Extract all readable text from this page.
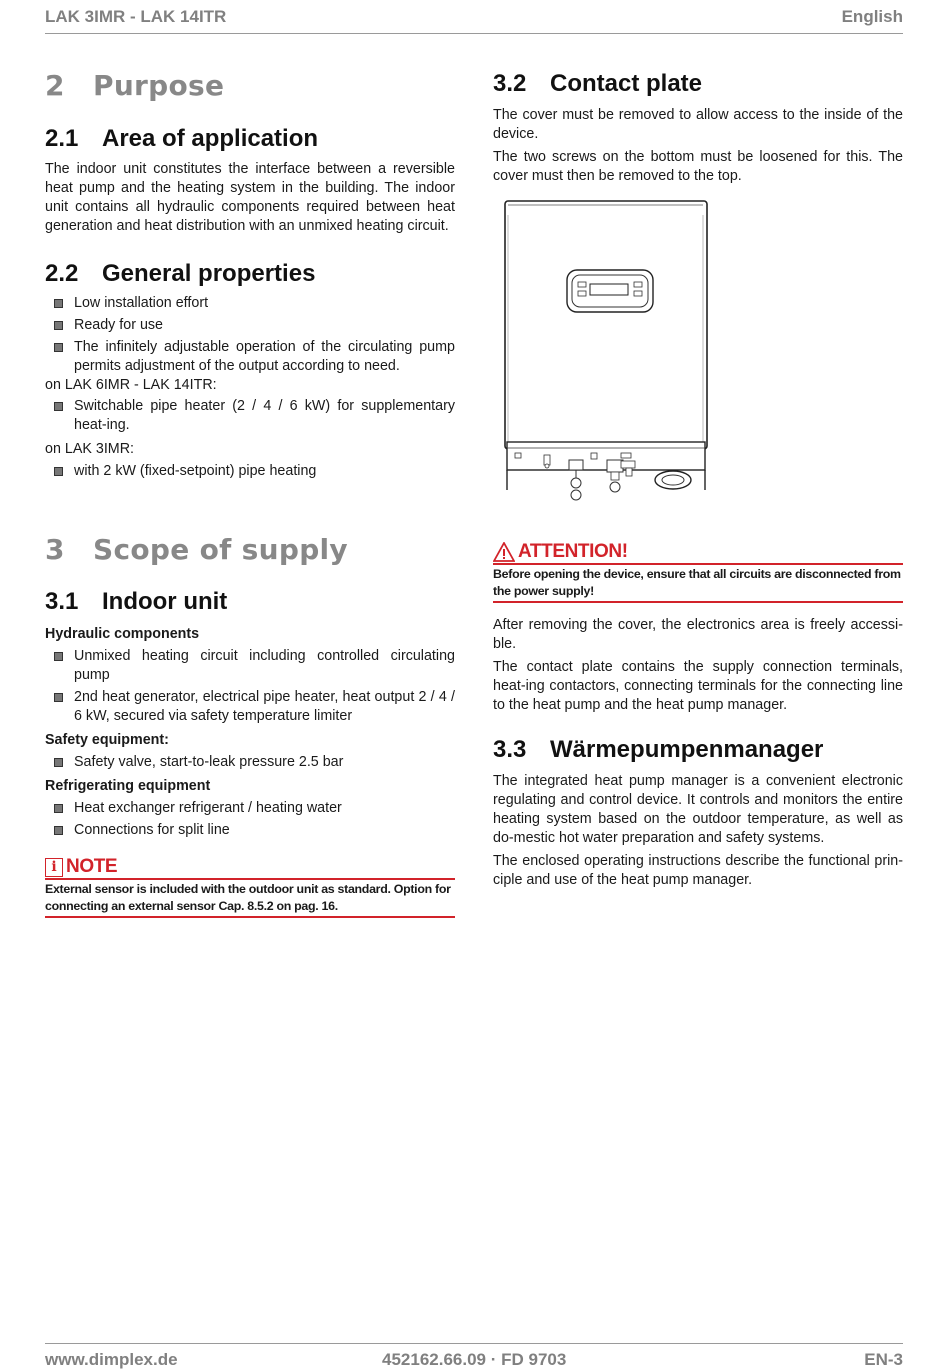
LAK 3IMR - LAK 14ITR	English
2 Purpose
2.1 Area of application

The indoor unit constitutes the interface between a reversible heat pump and the heating system in the building. The indoor unit contains all hydraulic components required between heat generation and heat distribution with an unmixed heating circuit.

2.2 General properties
Low installation effort
Ready for use
The infinitely adjustable operation of the circulating pump permits adjustment of the output according to need.

on LAK 6IMR - LAK 14ITR:

Switchable pipe heater (2 / 4 / 6 kW) for supplementary heat-ing.

on LAK 3IMR:

with 2 kW (fixed-setpoint) pipe heating
3 Scope of supply
3.1 Indoor unit

Hydraulic components

Unmixed heating circuit including controlled circulating pump
2nd heat generator, electrical pipe heater, heat output 2 / 4 / 6 kW, secured via safety temperature limiter

Safety equipment:

Safety valve, start-to-leak pressure 2.5 bar

Refrigerating equipment

Heat exchanger refrigerant / heating water
Connections for split line
i NOTE
External sensor is included with the outdoor unit as standard. Option for connecting an external sensor Cap. 8.5.2 on pag. 16.
3.2 Contact plate

The cover must be removed to allow access to the inside of the device.

The two screws on the bottom must be loosened for this. The cover must then be removed to the top.

ATTENTION!
Before opening the device, ensure that all circuits are disconnected from the power supply!

After removing the cover, the electronics area is freely accessi-ble.

The contact plate contains the supply connection terminals, heat-ing contactors, connecting terminals for the connecting line to the heat pump and the heat pump manager.

3.3 Wärmepumpenmanager

The integrated heat pump manager is a convenient electronic regulating and control device. It controls and monitors the entire heating system based on the outdoor temperature, as well as do-mestic hot water preparation and safety systems.

The enclosed operating instructions describe the functional prin-ciple and use of the heat pump manager.

www.dimplex.de	452162.66.09 · FD 9703	EN-3
